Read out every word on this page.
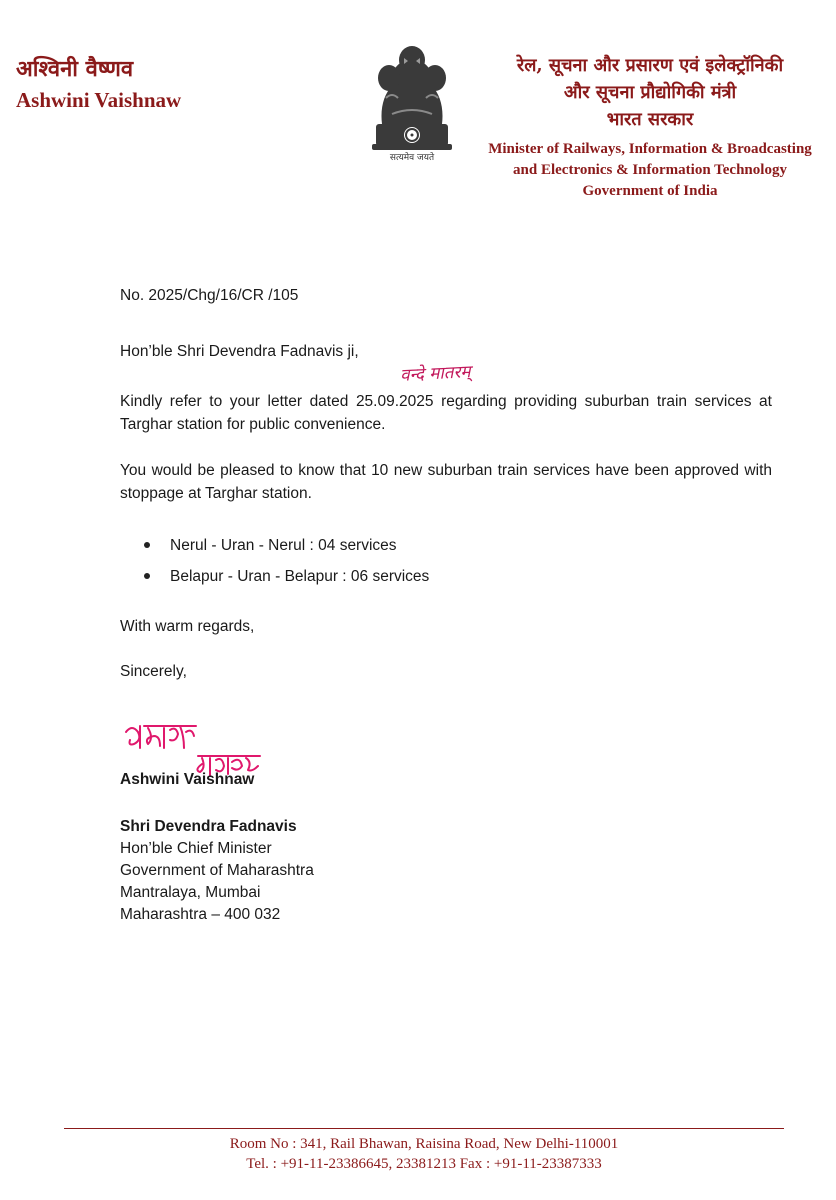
अश्विनी वैष्णव
Ashwini Vaishnaw
सत्यमेव जयते
रेल, सूचना और प्रसारण एवं इलेक्ट्रॉनिकी
और सूचना प्रौद्योगिकी मंत्री
भारत सरकार
Minister of Railways, Information & Broadcasting
and Electronics & Information Technology
Government of India
No. 2025/Chg/16/CR /105
Hon’ble Shri Devendra Fadnavis ji,
वन्दे मातरम्
Kindly refer to your letter dated 25.09.2025 regarding providing suburban train services at Targhar station for public convenience.
You would be pleased to know that 10 new suburban train services have been approved with stoppage at Targhar station.
Nerul - Uran - Nerul : 04 services
Belapur - Uran - Belapur : 06 services
With warm regards,
Sincerely,
Ashwini Vaishnaw
Shri Devendra Fadnavis
Hon’ble Chief Minister
Government of Maharashtra
Mantralaya, Mumbai
Maharashtra – 400 032
Room No : 341, Rail Bhawan, Raisina Road, New Delhi-110001
Tel. : +91-11-23386645, 23381213 Fax : +91-11-23387333
